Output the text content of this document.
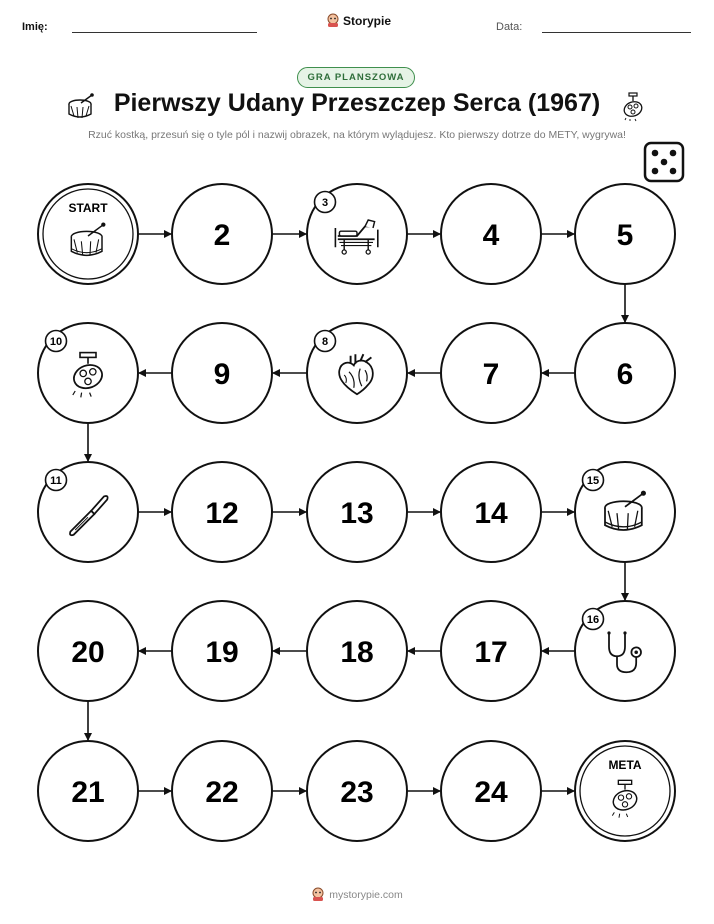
Imię:	Storypie	Data:
GRA PLANSZOWA
Pierwszy Udany Przeszczep Serca (1967)
Rzuć kostką, przesuń się o tyle pól i nazwij obrazek, na którym wylądujesz. Kto pierwszy dotrze do METY, wygrywa!
START
2
3
4	5
6
7
8
9
10
11
12	13	14
15
16
17
18
19
20
21	22	23	24
META
mystorypie.com
